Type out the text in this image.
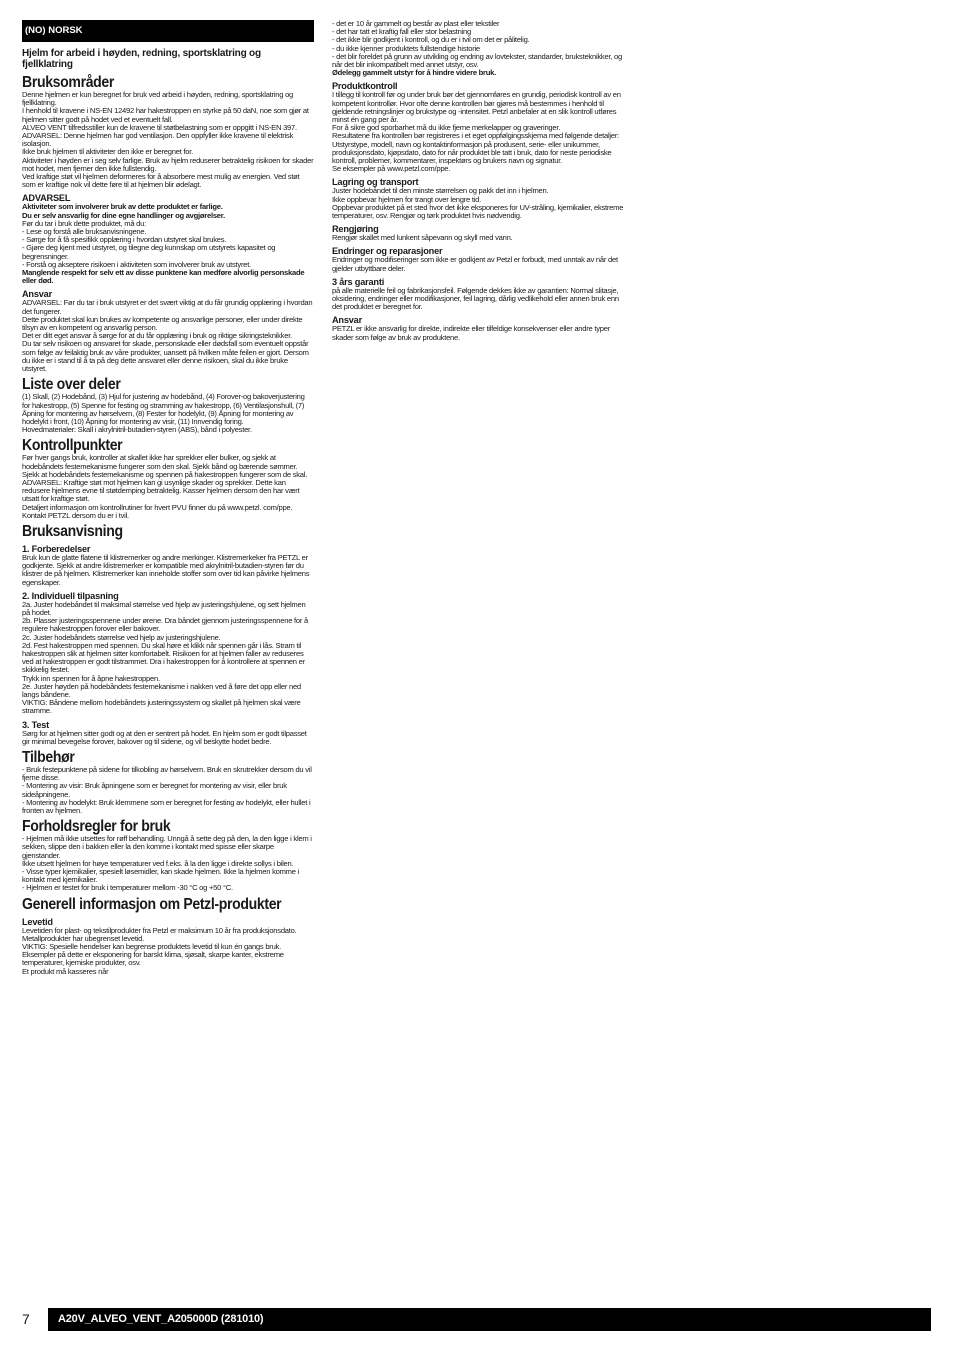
(NO) NORSK
Hjelm for arbeid i høyden, redning, sportsklatring og fjellklatring
Bruksområder
Denne hjelmen er kun beregnet for bruk ved arbeid i høyden, redning, sportsklatring og fjellklatring.
I henhold til kravene i NS-EN 12492 har hakestroppen en styrke på 50 daN, noe som gjør at hjelmen sitter godt på hodet ved et eventuelt fall.
ALVEO VENT tilfredsstiller kun de kravene til støtbelastning som er oppgitt i NS-EN 397.
ADVARSEL: Denne hjelmen har god ventilasjon. Den oppfyller ikke kravene til elektrisk isolasjon.
Ikke bruk hjelmen til aktiviteter den ikke er beregnet for.
Aktiviteter i høyden er i seg selv farlige. Bruk av hjelm reduserer betraktelig risikoen for skader mot hodet, men fjerner den ikke fullstendig.
Ved kraftige støt vil hjelmen deformeres for å absorbere mest mulig av energien. Ved støt som er kraftige nok vil dette føre til at hjelmen blir ødelagt.
ADVARSEL
Aktiviteter som involverer bruk av dette produktet er farlige.
Du er selv ansvarlig for dine egne handlinger og avgjørelser.
Før du tar i bruk dette produktet, må du:
- Lese og forstå alle bruksanvisningene.
- Sørge for å få spesifikk opplæring i hvordan utstyret skal brukes.
- Gjøre deg kjent med utstyret, og tilegne deg kunnskap om utstyrets kapasitet og begrensninger.
- Forstå og akseptere risikoen i aktiviteten som involverer bruk av utstyret.
Manglende respekt for selv ett av disse punktene kan medføre alvorlig personskade eller død.
Ansvar
ADVARSEL: Før du tar i bruk utstyret er det svært viktig at du får grundig opplæring i hvordan det fungerer.
Dette produktet skal kun brukes av kompetente og ansvarlige personer, eller under direkte tilsyn av en kompetent og ansvarlig person.
Det er ditt eget ansvar å sørge for at du får opplæring i bruk og riktige sikringsteknikker.
Du tar selv risikoen og ansvaret for skade, personskade eller dødsfall som eventuelt oppstår som følge av feilaktig bruk av våre produkter, uansett på hvilken måte feilen er gjort. Dersom du ikke er i stand til å ta på deg dette ansvaret eller denne risikoen, skal du ikke bruke utstyret.
Liste over deler
(1) Skall, (2) Hodebånd, (3) Hjul for justering av hodebånd, (4) Forover-og bakoverjustering for hakestropp, (5) Spenne for festing og stramming av hakestropp, (6) Ventilasjonshull, (7) Åpning for montering av hørselvern, (8) Fester for hodelykt, (9) Åpning for montering av hodelykt i front, (10) Åpning for montering av visir, (11) Innvendig foring.
Hovedmaterialer: Skall i akrylnitril-butadien-styren (ABS), bånd i polyester.
Kontrollpunkter
Før hver gangs bruk, kontroller at skallet ikke har sprekker eller bulker, og sjekk at hodebåndets festemekanisme fungerer som den skal. Sjekk bånd og bærende sømmer. Sjekk at hodebåndets festemekanisme og spennen på hakestroppen fungerer som de skal.
ADVARSEL: Kraftige støt mot hjelmen kan gi usynlige skader og sprekker. Dette kan redusere hjelmens evne til støtdemping betraktelig. Kasser hjelmen dersom den har vært utsatt for kraftige støt.
Detaljert informasjon om kontrollrutiner for hvert PVU finner du på www.petzl. com/ppe.
Kontakt PETZL dersom du er i tvil.
Bruksanvisning
1. Forberedelser
Bruk kun de glatte flatene til klistremerker og andre merkinger. Klistremerkeker fra PETZL er godkjente. Sjekk at andre klistremerker er kompatible med akrylnitril-butadien-styren før du klistrer de på hjelmen. Klistremerker kan inneholde stoffer som over tid kan påvirke hjelmens egenskaper.
2. Individuell tilpasning
2a. Juster hodebåndet til maksimal størrelse ved hjelp av justeringshjulene, og sett hjelmen på hodet.
2b. Plasser justeringsspennene under ørene. Dra båndet gjennom justeringsspennene for å regulere hakestroppen forover eller bakover.
2c. Juster hodebåndets størrelse ved hjelp av justeringshjulene.
2d. Fest hakestroppen med spennen. Du skal høre et klikk når spennen går i lås. Stram til hakestroppen slik at hjelmen sitter komfortabelt. Risikoen for at hjelmen faller av reduseres ved at hakestroppen er godt tilstrammet. Dra i hakestroppen for å kontrollere at spennen er skikkelig festet.
Trykk inn spennen for å åpne hakestroppen.
2e. Juster høyden på hodebåndets festemekanisme i nakken ved å føre det opp eller ned langs båndene.
VIKTIG: Båndene mellom hodebåndets justeringssystem og skallet på hjelmen skal være stramme.
3. Test
Sørg for at hjelmen sitter godt og at den er sentrert på hodet. En hjelm som er godt tilpasset gir minimal bevegelse forover, bakover og til sidene, og vil beskytte hodet bedre.
Tilbehør
- Bruk festepunktene på sidene for tilkobling av hørselvern. Bruk en skrutrekker dersom du vil fjerne disse.
- Montering av visir: Bruk åpningene som er beregnet for montering av visir, eller bruk sideåpningene.
- Montering av hodelykt: Bruk klemmene som er beregnet for festing av hodelykt, eller hullet i fronten av hjelmen.
Forholdsregler for bruk
- Hjelmen må ikke utsettes for røff behandling. Unngå å sette deg på den, la den ligge i klem i sekken, slippe den i bakken eller la den komme i kontakt med spisse eller skarpe gjenstander.
Ikke utsett hjelmen for høye temperaturer ved f.eks. å la den ligge i direkte sollys i bilen.
- Visse typer kjemikalier, spesielt løsemidler, kan skade hjelmen. Ikke la hjelmen komme i kontakt med kjemikalier.
- Hjelmen er testet for bruk i temperaturer mellom -30 °C og +50 °C.
Generell informasjon om Petzl-produkter
Levetid
Levetiden for plast- og tekstilprodukter fra Petzl er maksimum 10 år fra produksjonsdato. Metallprodukter har ubegrenset levetid.
VIKTIG: Spesielle hendelser kan begrense produktets levetid til kun én gangs bruk. Eksempler på dette er eksponering for barskt klima, sjøsalt, skarpe kanter, ekstreme temperaturer, kjemiske produkter, osv.
Et produkt må kasseres når
- det er 10 år gammelt og består av plast eller tekstiler
- det har tatt et kraftig fall eller stor belastning
- det ikke blir godkjent i kontroll, og du er i tvil om det er pålitelig.
- du ikke kjenner produktets fullstendige historie
- det blir foreldet på grunn av utvikling og endring av lovtekster, standarder, bruksteknikker, og når det blir inkompatibelt med annet utstyr, osv.
Ødelegg gammelt utstyr for å hindre videre bruk.
Produktkontroll
I tillegg til kontroll før og under bruk bør det gjennomføres en grundig, periodisk kontroll av en kompetent kontrollør. Hvor ofte denne kontrollen bør gjøres må bestemmes i henhold til gjeldende retningslinjer og brukstype og -intensitet. Petzl anbefaler at en slik kontroll utføres minst én gang per år.
For å sikre god sporbarhet må du ikke fjerne merkelapper og graveringer.
Resultatene fra kontrollen bør registreres i et eget oppfølgingsskjema med følgende detaljer: Utstyrstype, modell, navn og kontaktinformasjon på produsent, serie- eller unikummer, produksjonsdato, kjøpsdato, dato for når produktet ble tatt i bruk, dato for neste periodiske kontroll, problemer, kommentarer, inspektørs og brukers navn og signatur.
Se eksempler på www.petzl.com/ppe.
Lagring og transport
Juster hodebåndet til den minste størrelsen og pakk det inn i hjelmen.
Ikke oppbevar hjelmen for trangt over lengre tid.
Oppbevar produktet på et sted hvor det ikke eksponeres for UV-stråling, kjemikalier, ekstreme temperaturer, osv. Rengjør og tørk produktet hvis nødvendig.
Rengjøring
Rengjør skallet med lunkent såpevann og skyll med vann.
Endringer og reparasjoner
Endringer og modifiseringer som ikke er godkjent av Petzl er forbudt, med unntak av når det gjelder utbyttbare deler.
3 års garanti
på alle materielle feil og fabrikasjonsfeil. Følgende dekkes ikke av garantien: Normal slitasje, oksidering, endringer eller modifikasjoner, feil lagring, dårlig vedlikehold eller annen bruk enn det produktet er beregnet for.
Ansvar
PETZL er ikke ansvarlig for direkte, indirekte eller tilfeldige konsekvenser eller andre typer skader som følge av bruk av produktene.
7	A20V_ALVEO_VENT_A205000D (281010)
